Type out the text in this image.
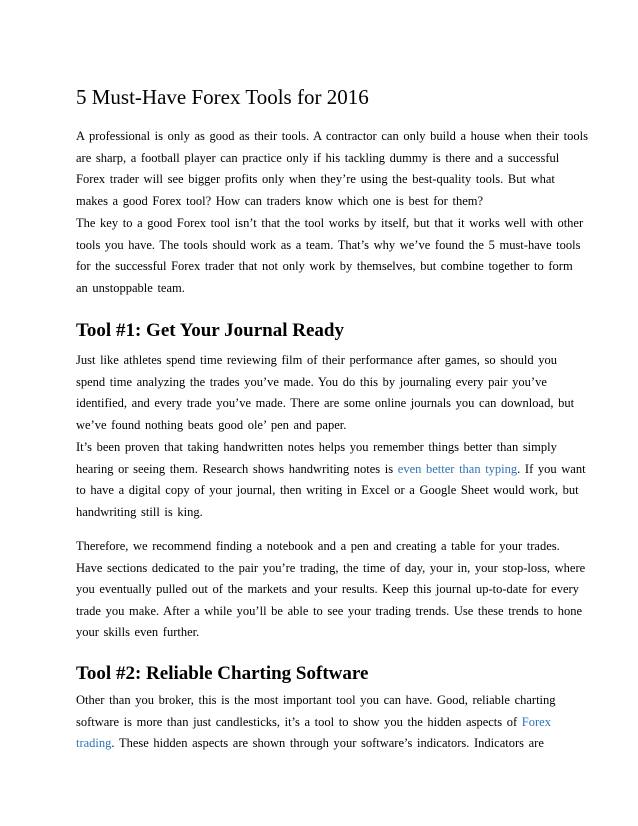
5 Must-Have Forex Tools for 2016
A professional is only as good as their tools. A contractor can only build a house when their tools
are sharp, a football player can practice only if his tackling dummy is there and a successful
Forex trader will see bigger profits only when they’re using the best-quality tools. But what
makes a good Forex tool? How can traders know which one is best for them?
The key to a good Forex tool isn’t that the tool works by itself, but that it works well with other
tools you have. The tools should work as a team. That’s why we’ve found the 5 must-have tools
for the successful Forex trader that not only work by themselves, but combine together to form
an unstoppable team.
Tool #1: Get Your Journal Ready
Just like athletes spend time reviewing film of their performance after games, so should you
spend time analyzing the trades you’ve made. You do this by journaling every pair you’ve
identified, and every trade you’ve made. There are some online journals you can download, but
we’ve found nothing beats good ole’ pen and paper.
It’s been proven that taking handwritten notes helps you remember things better than simply
hearing or seeing them. Research shows handwriting notes is even better than typing. If you want
to have a digital copy of your journal, then writing in Excel or a Google Sheet would work, but
handwriting still is king.
Therefore, we recommend finding a notebook and a pen and creating a table for your trades.
Have sections dedicated to the pair you’re trading, the time of day, your in, your stop-loss, where
you eventually pulled out of the markets and your results. Keep this journal up-to-date for every
trade you make. After a while you’ll be able to see your trading trends. Use these trends to hone
your skills even further.
Tool #2: Reliable Charting Software
Other than you broker, this is the most important tool you can have. Good, reliable charting
software is more than just candlesticks, it’s a tool to show you the hidden aspects of Forex
trading. These hidden aspects are shown through your software’s indicators. Indicators are
